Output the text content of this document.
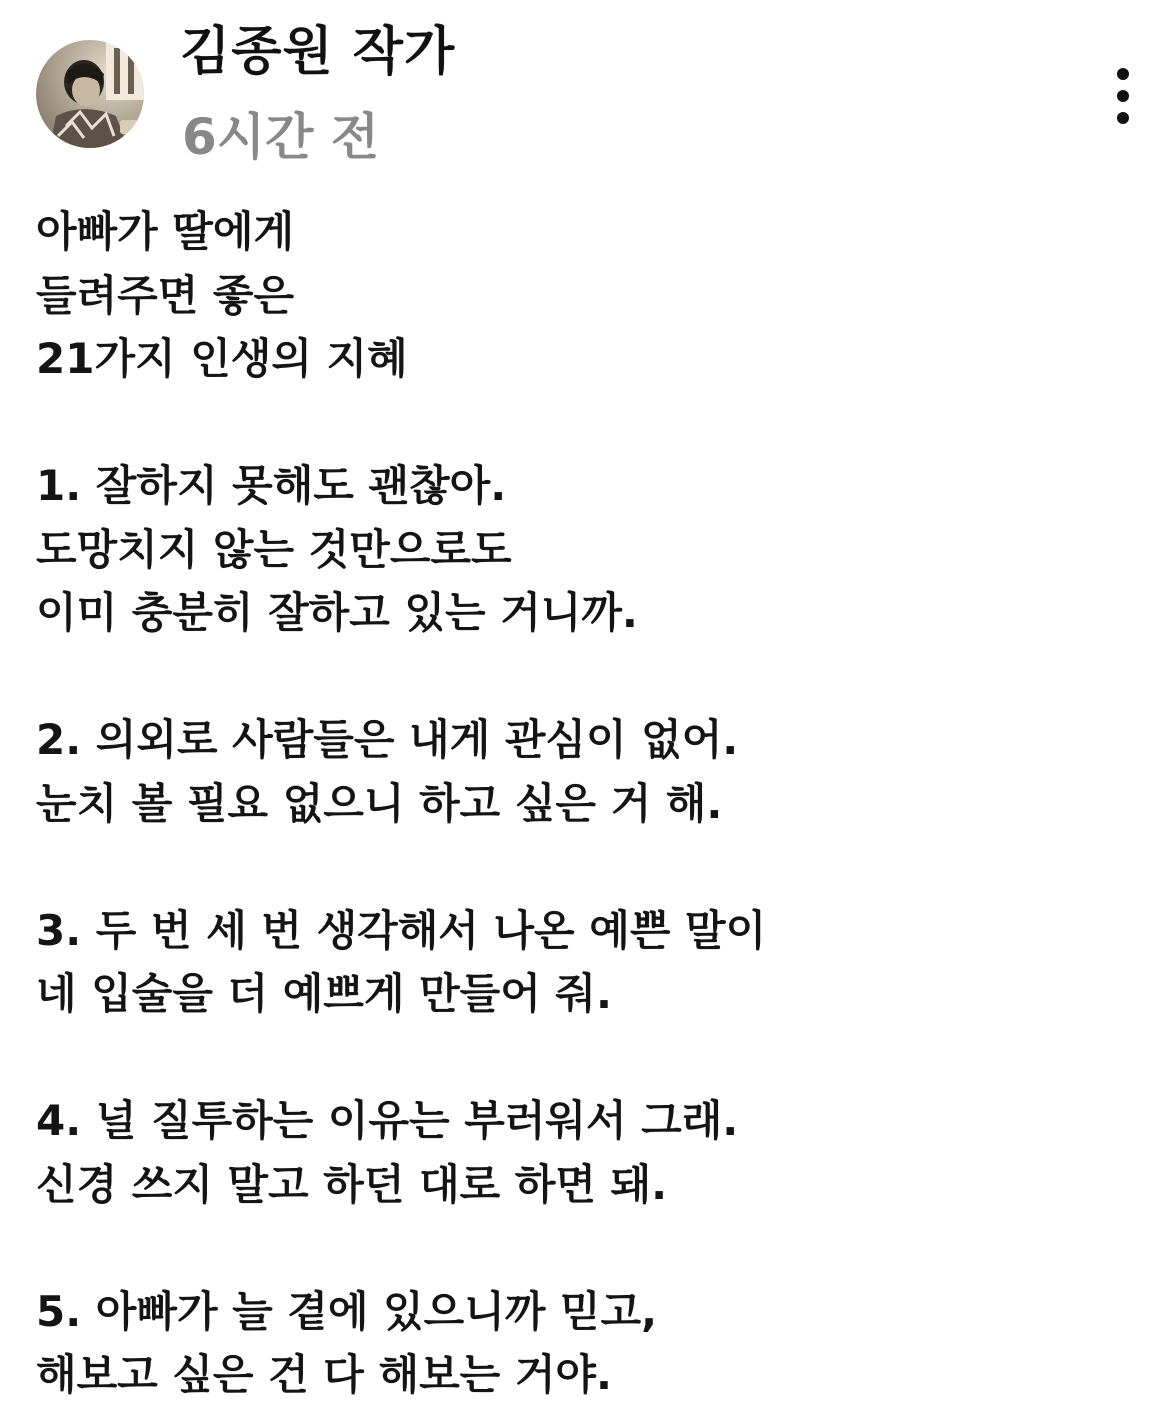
김종원 작가
6시간 전
아빠가 딸에게
들려주면 좋은
21가지 인생의 지혜
1. 잘하지 못해도 괜찮아.
도망치지 않는 것만으로도
이미 충분히 잘하고 있는 거니까.
2. 의외로 사람들은 내게 관심이 없어.
눈치 볼 필요 없으니 하고 싶은 거 해.
3. 두 번 세 번 생각해서 나온 예쁜 말이
네 입술을 더 예쁘게 만들어 줘.
4. 널 질투하는 이유는 부러워서 그래.
신경 쓰지 말고 하던 대로 하면 돼.
5. 아빠가 늘 곁에 있으니까 믿고,
해보고 싶은 건 다 해보는 거야.
